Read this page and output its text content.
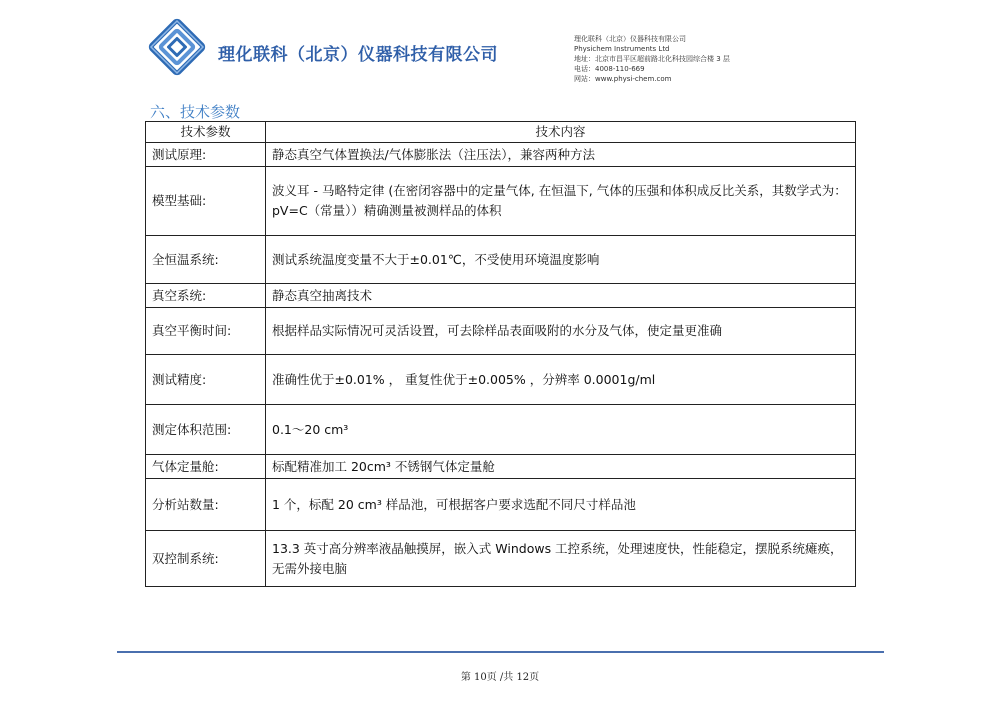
理化联科（北京）仪器科技有限公司
理化联科（北京）仪器科技有限公司
Physichem Instruments Ltd
地址：北京市昌平区超前路北化科技园综合楼 3 层
电话：4008-110-669
网站：www.physi-chem.com
六、技术参数
技术参数	技术内容
测试原理:	静态真空气体置换法/气体膨胀法（注压法），兼容两种方法
模型基础:	波义耳 - 马略特定律 (在密闭容器中的定量气体, 在恒温下, 气体的压强和体积成反比关系，其数学式为：pV=C（常量））精确测量被测样品的体积
全恒温系统:	测试系统温度变量不大于±0.01℃，不受使用环境温度影响
真空系统:	静态真空抽离技术
真空平衡时间:	根据样品实际情况可灵活设置，可去除样品表面吸附的水分及气体，使定量更准确
测试精度:	准确性优于±0.01% ， 重复性优于±0.005% ，分辨率 0.0001g/ml
测定体积范围:	0.1～20 cm³
气体定量舱:	标配精准加工 20cm³ 不锈钢气体定量舱
分析站数量:	1 个，标配 20 cm³ 样品池，可根据客户要求选配不同尺寸样品池
双控制系统:	13.3 英寸高分辨率液晶触摸屏，嵌入式 Windows 工控系统，处理速度快，性能稳定，摆脱系统瘫痪，无需外接电脑
第 10页 /共 12页
